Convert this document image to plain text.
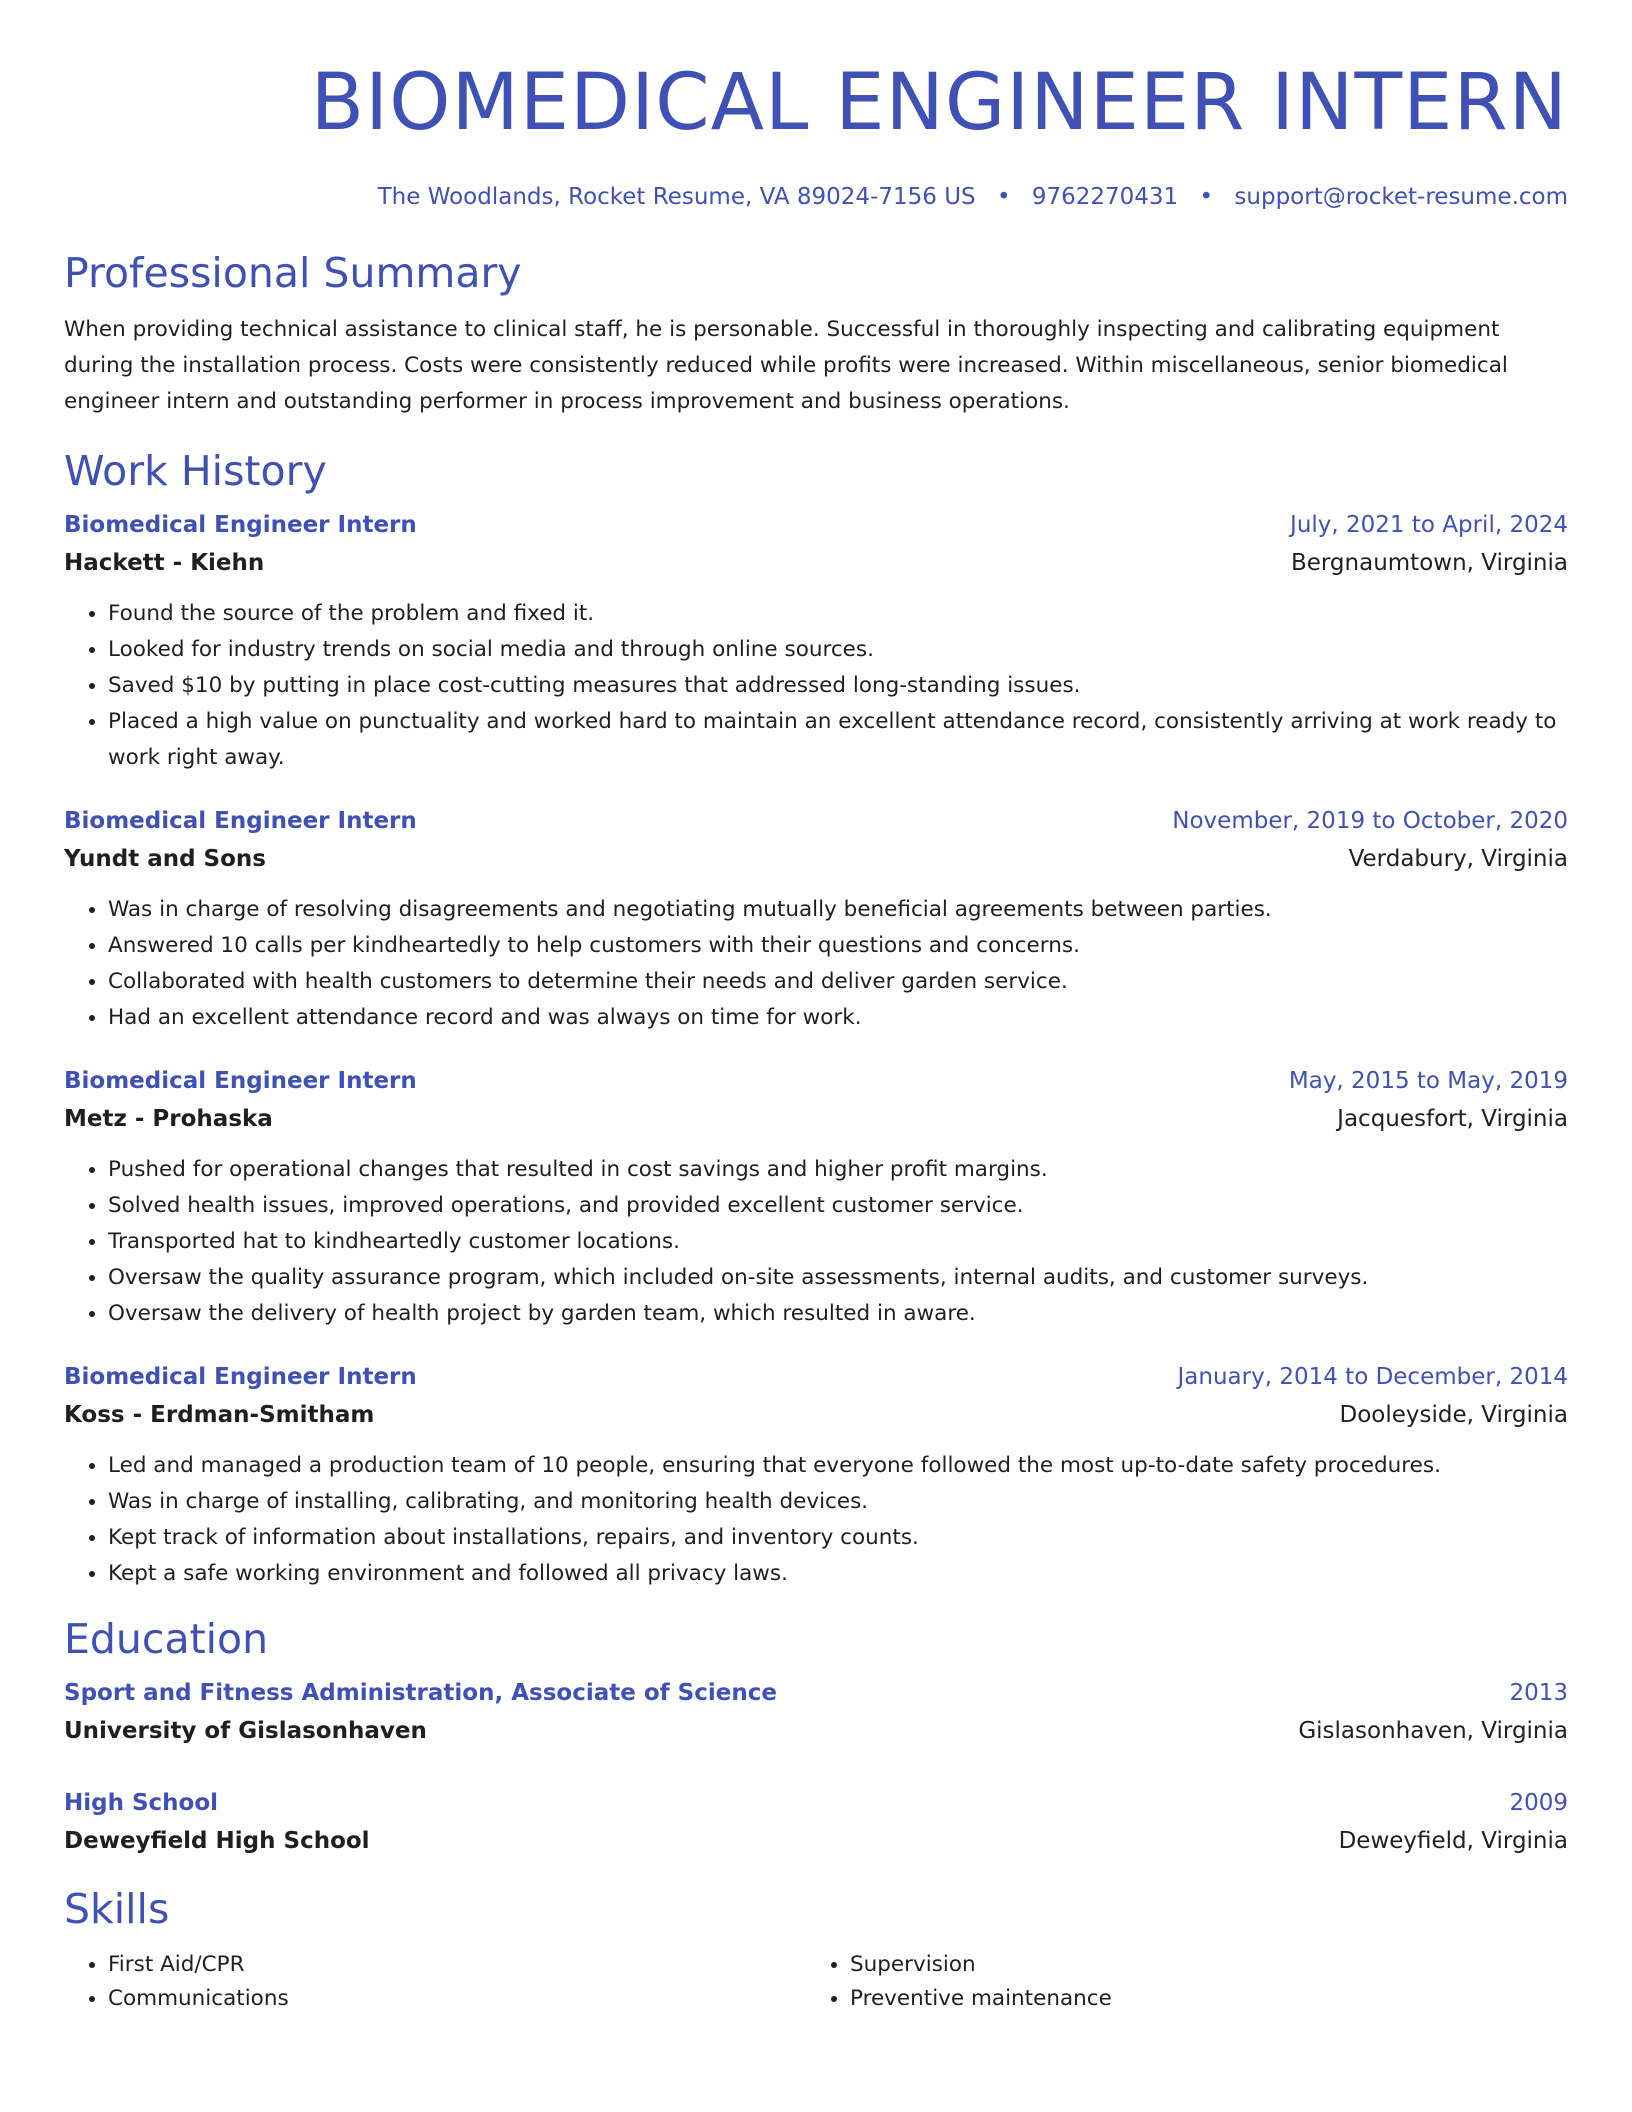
BIOMEDICAL ENGINEER INTERN
The Woodlands, Rocket Resume, VA 89024-7156 US • 9762270431 • support@rocket-resume.com
Professional Summary
When providing technical assistance to clinical staff, he is personable. Successful in thoroughly inspecting and calibrating equipment during the installation process. Costs were consistently reduced while profits were increased. Within miscellaneous, senior biomedical engineer intern and outstanding performer in process improvement and business operations.
Work History
Biomedical Engineer Intern	July, 2021 to April, 2024
Hackett - Kiehn	Bergnaumtown, Virginia
• Found the source of the problem and fixed it.
• Looked for industry trends on social media and through online sources.
• Saved $10 by putting in place cost-cutting measures that addressed long-standing issues.
• Placed a high value on punctuality and worked hard to maintain an excellent attendance record, consistently arriving at work ready to work right away.
Biomedical Engineer Intern	November, 2019 to October, 2020
Yundt and Sons	Verdabury, Virginia
• Was in charge of resolving disagreements and negotiating mutually beneficial agreements between parties.
• Answered 10 calls per kindheartedly to help customers with their questions and concerns.
• Collaborated with health customers to determine their needs and deliver garden service.
• Had an excellent attendance record and was always on time for work.
Biomedical Engineer Intern	May, 2015 to May, 2019
Metz - Prohaska	Jacquesfort, Virginia
• Pushed for operational changes that resulted in cost savings and higher profit margins.
• Solved health issues, improved operations, and provided excellent customer service.
• Transported hat to kindheartedly customer locations.
• Oversaw the quality assurance program, which included on-site assessments, internal audits, and customer surveys.
• Oversaw the delivery of health project by garden team, which resulted in aware.
Biomedical Engineer Intern	January, 2014 to December, 2014
Koss - Erdman-Smitham	Dooleyside, Virginia
• Led and managed a production team of 10 people, ensuring that everyone followed the most up-to-date safety procedures.
• Was in charge of installing, calibrating, and monitoring health devices.
• Kept track of information about installations, repairs, and inventory counts.
• Kept a safe working environment and followed all privacy laws.
Education
Sport and Fitness Administration, Associate of Science	2013
University of Gislasonhaven	Gislasonhaven, Virginia
High School	2009
Deweyfield High School	Deweyfield, Virginia
Skills
• First Aid/CPR
• Communications
• Supervision
• Preventive maintenance
